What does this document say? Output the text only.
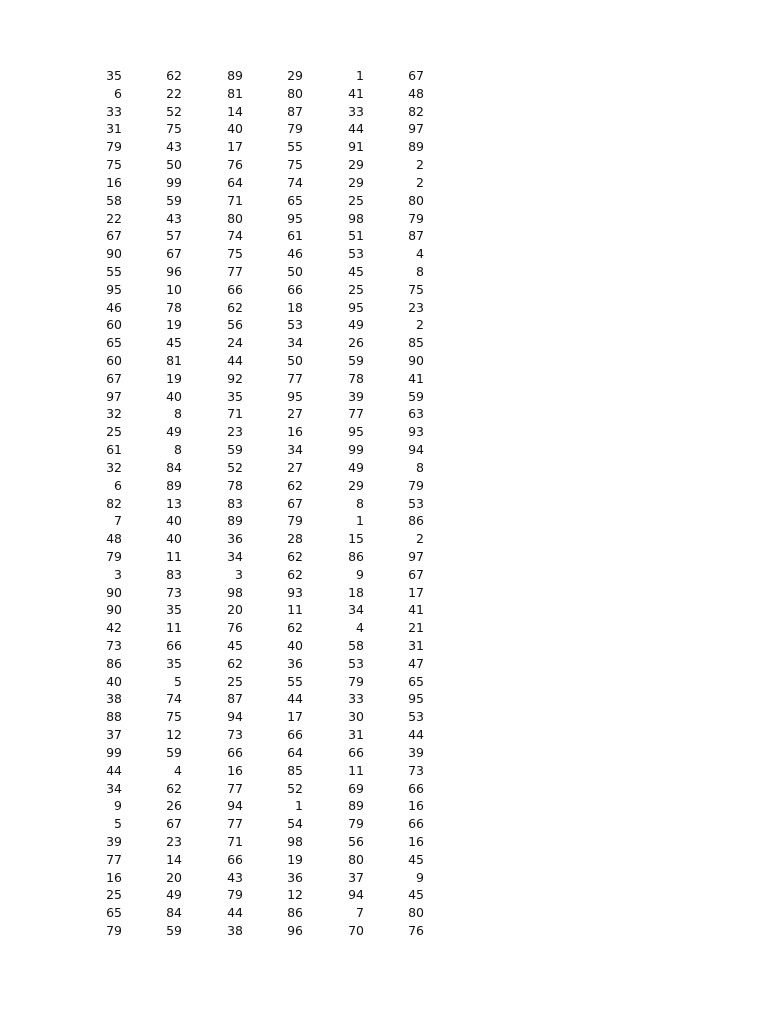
35	62	89	29	1	67
6	22	81	80	41	48
33	52	14	87	33	82
31	75	40	79	44	97
79	43	17	55	91	89
75	50	76	75	29	2
16	99	64	74	29	2
58	59	71	65	25	80
22	43	80	95	98	79
67	57	74	61	51	87
90	67	75	46	53	4
55	96	77	50	45	8
95	10	66	66	25	75
46	78	62	18	95	23
60	19	56	53	49	2
65	45	24	34	26	85
60	81	44	50	59	90
67	19	92	77	78	41
97	40	35	95	39	59
32	8	71	27	77	63
25	49	23	16	95	93
61	8	59	34	99	94
32	84	52	27	49	8
6	89	78	62	29	79
82	13	83	67	8	53
7	40	89	79	1	86
48	40	36	28	15	2
79	11	34	62	86	97
3	83	3	62	9	67
90	73	98	93	18	17
90	35	20	11	34	41
42	11	76	62	4	21
73	66	45	40	58	31
86	35	62	36	53	47
40	5	25	55	79	65
38	74	87	44	33	95
88	75	94	17	30	53
37	12	73	66	31	44
99	59	66	64	66	39
44	4	16	85	11	73
34	62	77	52	69	66
9	26	94	1	89	16
5	67	77	54	79	66
39	23	71	98	56	16
77	14	66	19	80	45
16	20	43	36	37	9
25	49	79	12	94	45
65	84	44	86	7	80
79	59	38	96	70	76
